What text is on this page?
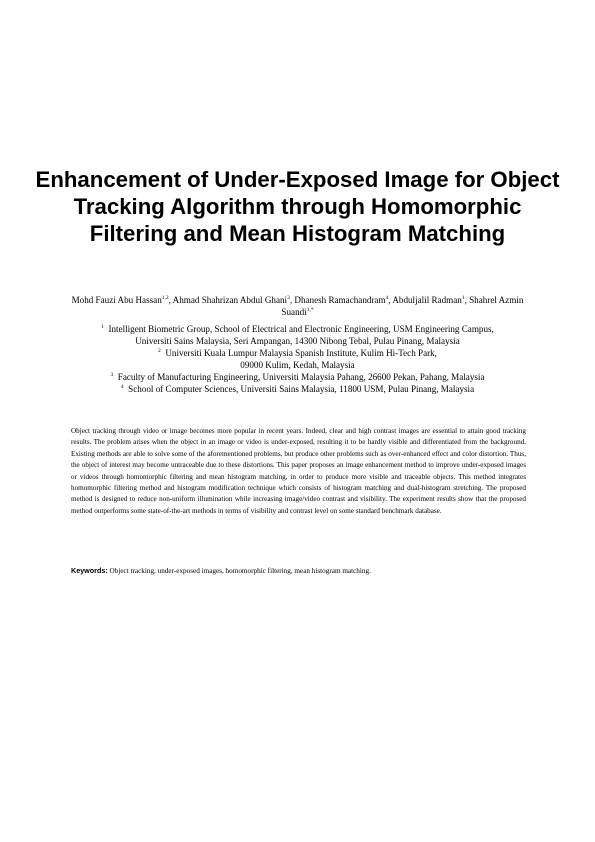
Enhancement of Under-Exposed Image for Object Tracking Algorithm through Homomorphic Filtering and Mean Histogram Matching
Mohd Fauzi Abu Hassan$^{1,2}$, Ahmad Shahrizan Abdul Ghani$^3$, Dhanesh Ramachandram$^4$, Abduljalil Radman$^1$, Shahrel Azmin Suandi$^{1,*}$
$^1$ Intelligent Biometric Group, School of Electrical and Electronic Engineering, USM Engineering Campus,
Universiti Sains Malaysia, Seri Ampangan, 14300 Nibong Tebal, Pulau Pinang, Malaysia
$^2$ Universiti Kuala Lumpur Malaysia Spanish Institute, Kulim Hi-Tech Park,
09000 Kulim, Kedah, Malaysia
$^3$ Faculty of Manufacturing Engineering, Universiti Malaysia Pahang, 26600 Pekan, Pahang, Malaysia
$^4$ School of Computer Sciences, Universiti Sains Malaysia, 11800 USM, Pulau Pinang, Malaysia

Object tracking through video or image becomes more popular in recent years. Indeed, clear and high contrast images are essential to attain good tracking results. The problem arises when the object in an image or video is under-exposed, resulting it to be hardly visible and differentiated from the background. Existing methods are able to solve some of the aforementioned problems, but produce other problems such as over-enhanced effect and color distortion. Thus, the object of interest may become untraceable due to these distortions. This paper proposes an image enhancement method to improve under-exposed images or videos through homomorphic filtering and mean histogram matching, in order to produce more visible and traceable objects. This method integrates homomorphic filtering method and histogram modification technique which consists of histogram matching and dual-histogram stretching. The proposed method is designed to reduce non-uniform illumination while increasing image/video contrast and visibility. The experiment results show that the proposed method outperforms some state-of-the-art methods in terms of visibility and contrast level on some standard benchmark database.

Keywords: Object tracking, under-exposed images, homomorphic filtering, mean histogram matching.
